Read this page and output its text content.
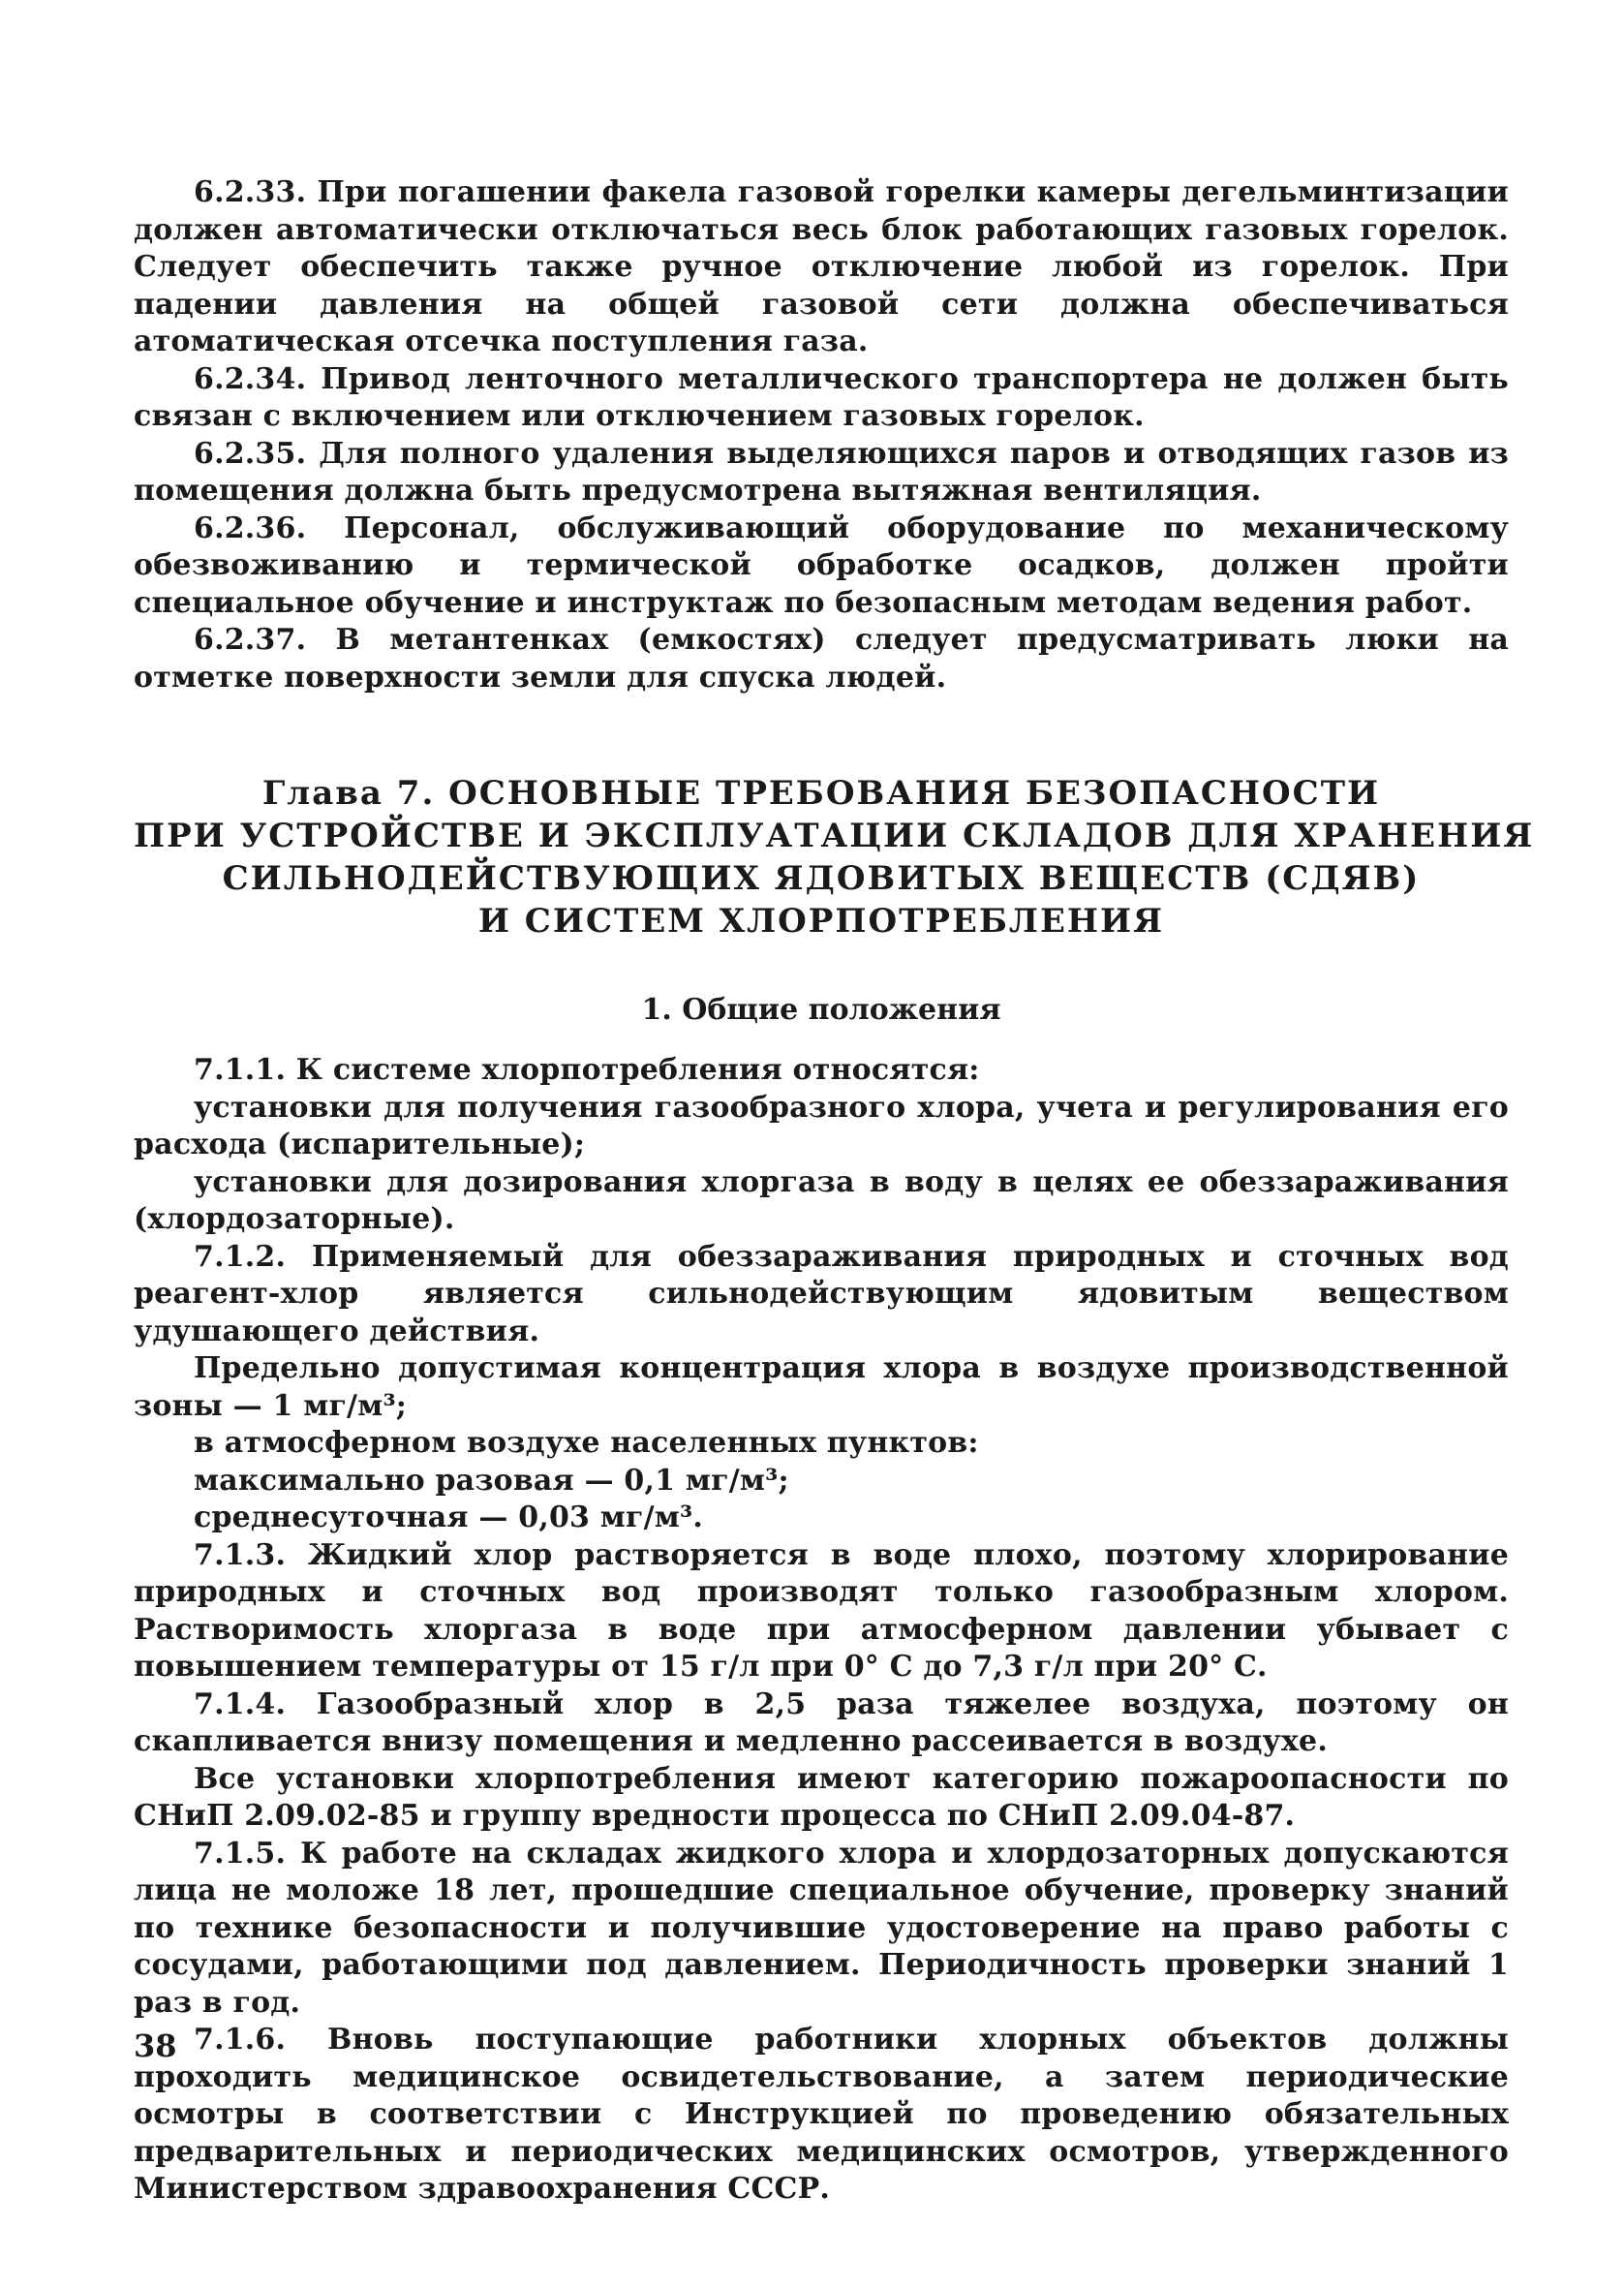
6.2.33. При погашении факела газовой горелки камеры дегельминтизации должен автоматически отключаться весь блок работающих газовых горелок. Следует обеспечить также ручное отключение любой из горелок. При падении давления на общей газовой сети должна обеспечиваться атоматическая отсечка поступления газа.

6.2.34. Привод ленточного металлического транспортера не должен быть связан с включением или отключением газовых горелок.

6.2.35. Для полного удаления выделяющихся паров и отводящих газов из помещения должна быть предусмотрена вытяжная вентиляция.

6.2.36. Персонал, обслуживающий оборудование по механическому обезвоживанию и термической обработке осадков, должен пройти специальное обучение и инструктаж по безопасным методам ведения работ.

6.2.37. В метантенках (емкостях) следует предусматривать люки на отметке поверхности земли для спуска людей.

Глава 7. ОСНОВНЫЕ ТРЕБОВАНИЯ БЕЗОПАСНОСТИ
ПРИ УСТРОЙСТВЕ И ЭКСПЛУАТАЦИИ СКЛАДОВ ДЛЯ ХРАНЕНИЯ
СИЛЬНОДЕЙСТВУЮЩИХ ЯДОВИТЫХ ВЕЩЕСТВ (СДЯВ)
И СИСТЕМ ХЛОРПОТРЕБЛЕНИЯ
1. Общие положения

7.1.1. К системе хлорпотребления относятся:

установки для получения газообразного хлора, учета и регулирования его расхода (испарительные);

установки для дозирования хлоргаза в воду в целях ее обеззараживания (хлордозаторные).

7.1.2. Применяемый для обеззараживания природных и сточных вод реагент-хлор является сильнодействующим ядовитым веществом удушающего действия.

Предельно допустимая концентрация хлора в воздухе производственной зоны — 1 мг/м³;

в атмосферном воздухе населенных пунктов:

максимально разовая — 0,1 мг/м³;

среднесуточная — 0,03 мг/м³.

7.1.3. Жидкий хлор растворяется в воде плохо, поэтому хлорирование природных и сточных вод производят только газообразным хлором. Растворимость хлоргаза в воде при атмосферном давлении убывает с повышением температуры от 15 г/л при 0° С до 7,3 г/л при 20° С.

7.1.4. Газообразный хлор в 2,5 раза тяжелее воздуха, поэтому он скапливается внизу помещения и медленно рассеивается в воздухе.

Все установки хлорпотребления имеют категорию пожароопасности по СНиП 2.09.02-85 и группу вредности процесса по СНиП 2.09.04-87.

7.1.5. К работе на складах жидкого хлора и хлордозаторных допускаются лица не моложе 18 лет, прошедшие специальное обучение, проверку знаний по технике безопасности и получившие удостоверение на право работы с сосудами, работающими под давлением. Периодичность проверки знаний 1 раз в год.

7.1.6. Вновь поступающие работники хлорных объектов должны проходить медицинское освидетельствование, а затем периодические осмотры в соответствии с Инструкцией по проведению обязательных предварительных и периодических медицинских осмотров, утвержденного Министерством здравоохранения СССР.

38
